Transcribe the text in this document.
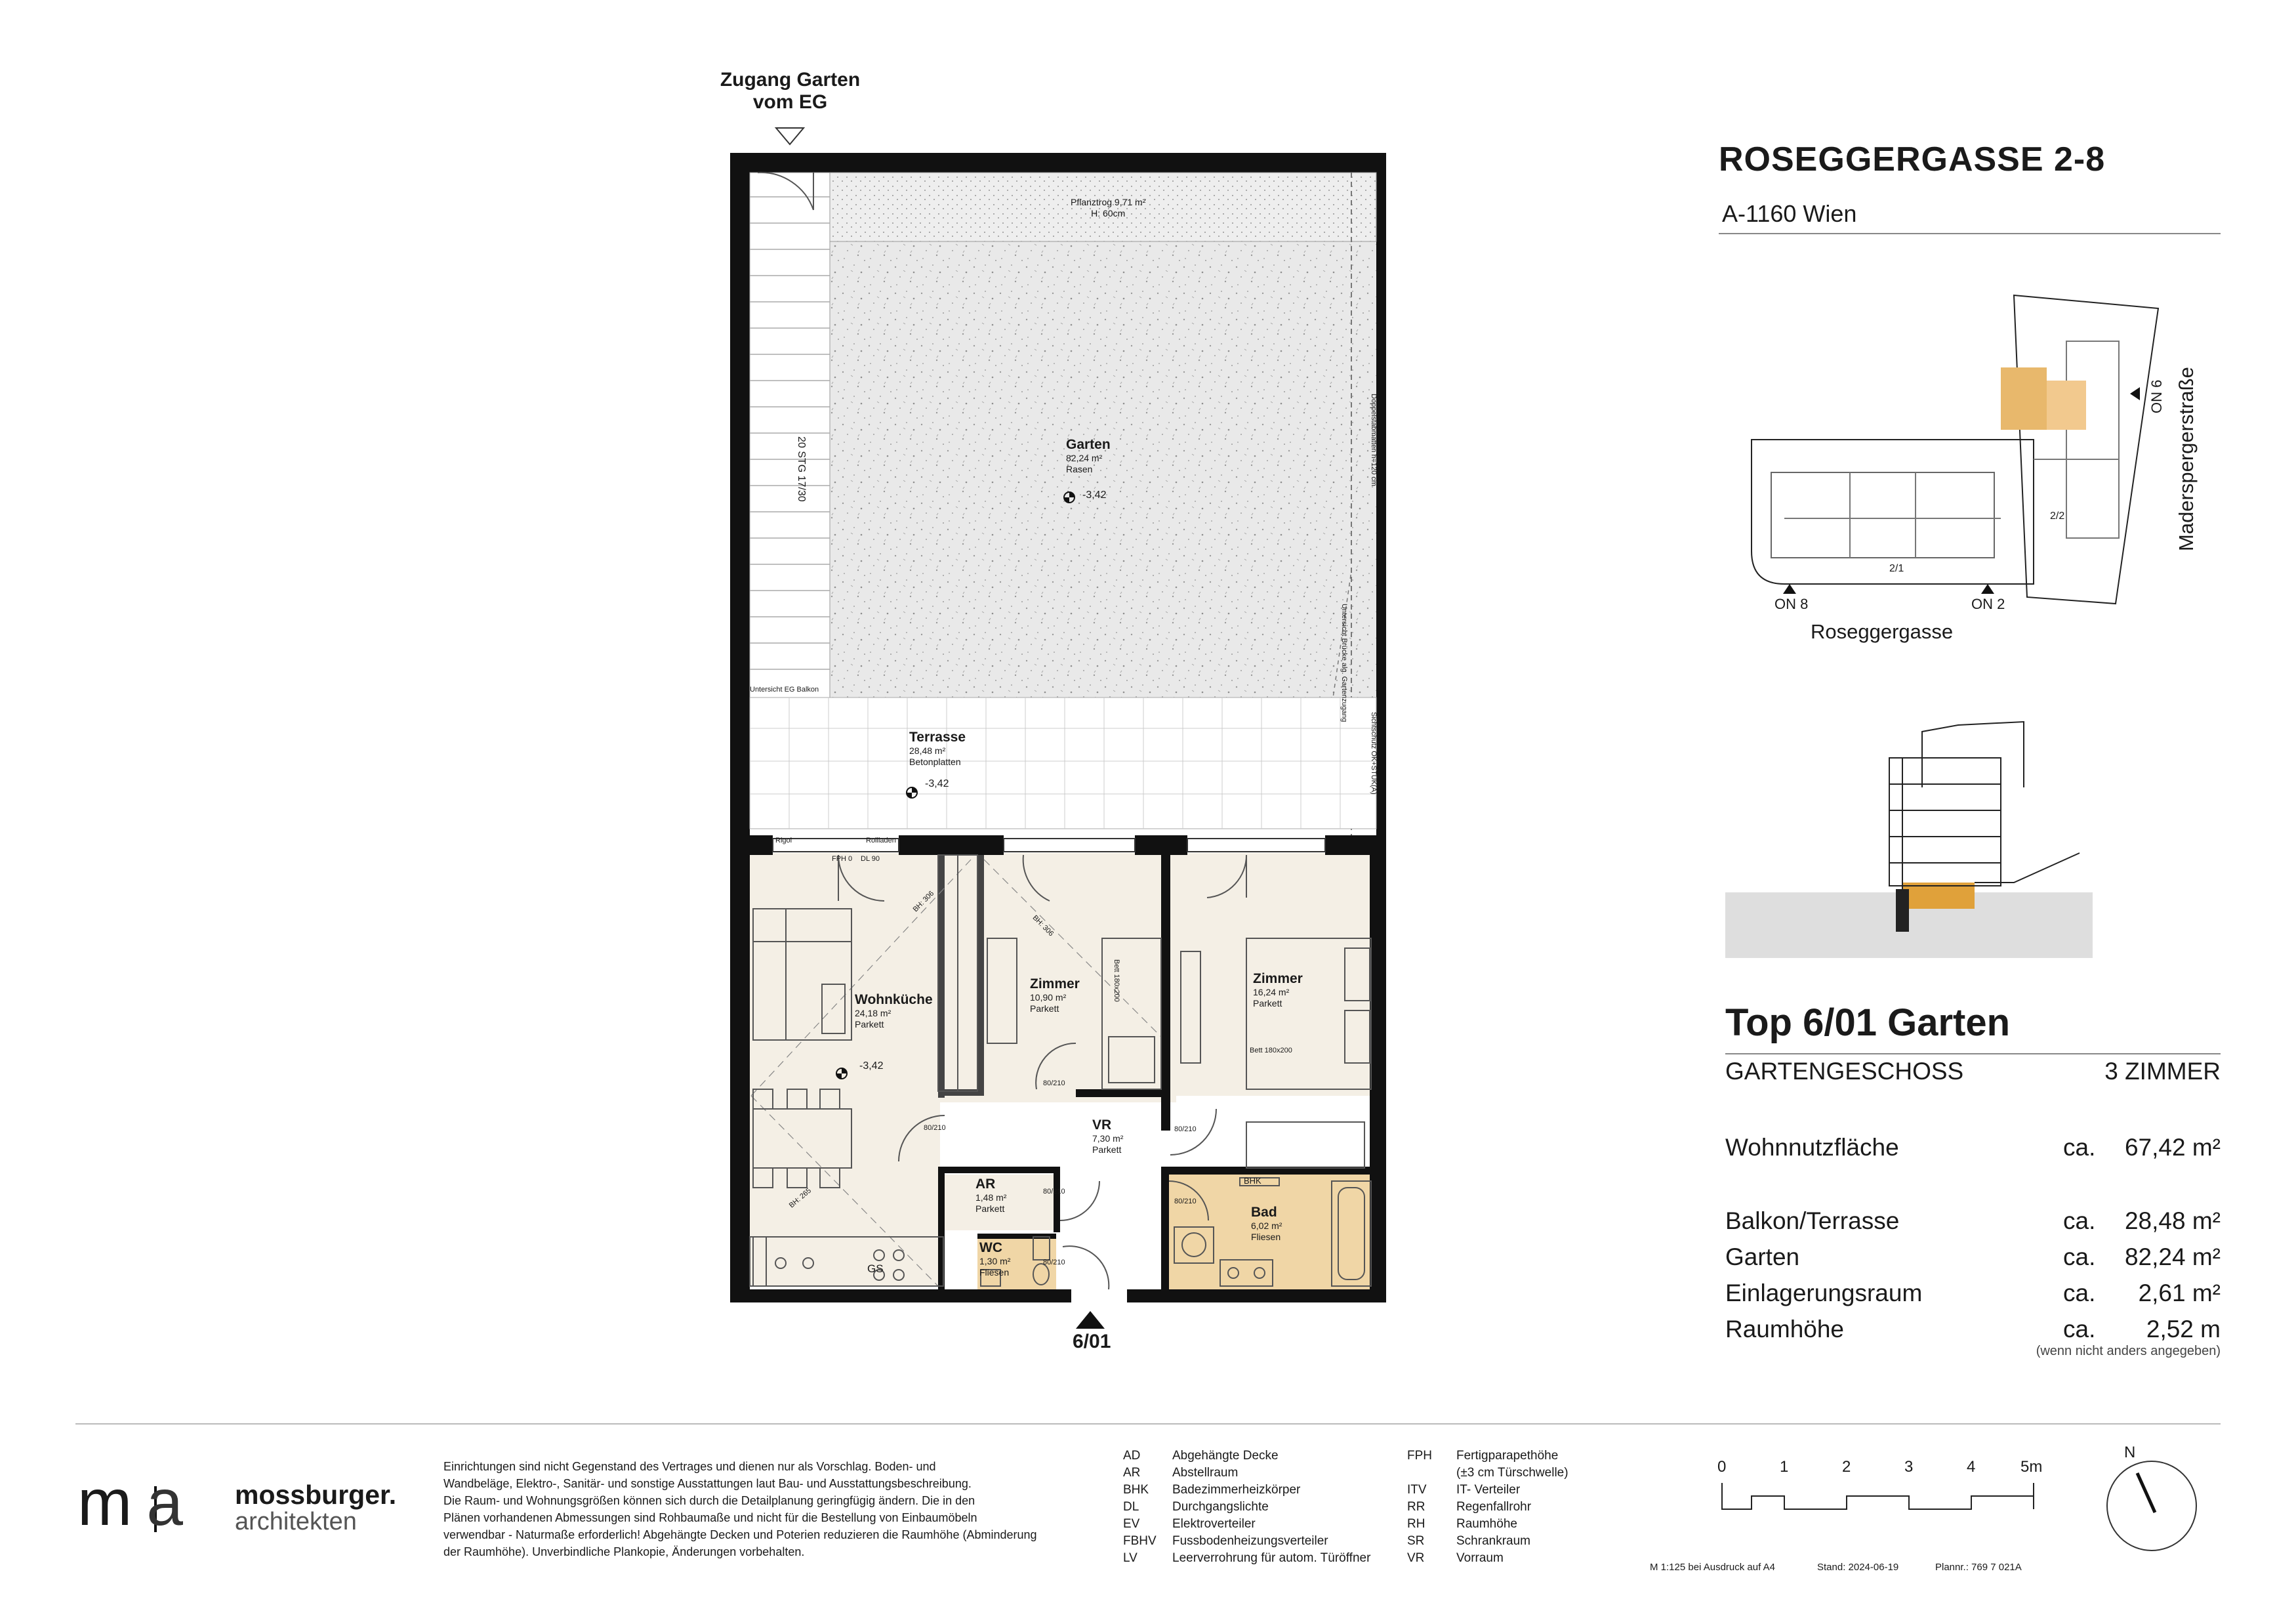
Zugang Garten
vom EG
Pflanztrog 9,71 m²
H: 60cm
Garten
82,24 m²
Rasen
-3,42
Terrasse
28,48 m²
Betonplatten
-3,42
Untersicht EG Balkon
20 STG 17/30	Doppelstabmatten h=120 cm
Sichtschutz OK+STUK(A)
Untersicht Brücke alg. Gartenzugang
Wohnküche
24,18 m²
Parkett
-3,42
Zimmer
10,90 m²
Parkett
Zimmer
16,24 m²
Parkett
VR
7,30 m²
Parkett
AR
1,48 m²
Parkett
WC
1,30 m²
Fliesen
Bad
6,02 m²
Fliesen
GS
BHK
Rigol	Rollladen
FPH 0 DL 90
Bett 180x200
Bett 180x200
80/210
80/210
80/210
80/210
80/210
80/210
BH: 306
BH: 306
BH: 265
6/01
ROSEGGERGASSE 2-8
A-1160 Wien
Roseggergasse
Maderspergerstraße
ON 8	ON 2
ON 6
2/2
2/1
Top 6/01 Garten
GARTENGESCHOSS	3 ZIMMER
Wohnnutzfläche	ca.	67,42 m²
Balkon/Terrasse	ca.	28,48 m²
Garten	ca.	82,24 m²
Einlagerungsraum	ca.	2,61 m²
Raumhöhe	ca.	2,52 m
(wenn nicht anders angegeben)
m a mossburger.
architekten
Einrichtungen sind nicht Gegenstand des Vertrages und dienen nur als Vorschlag. Boden- und
Wandbeläge, Elektro-, Sanitär- und sonstige Ausstattungen laut Bau- und Ausstattungsbeschreibung.
Die Raum- und Wohnungsgrößen können sich durch die Detailplanung geringfügig ändern. Die in den
Plänen vorhandenen Abmessungen sind Rohbaumaße und nicht für die Bestellung von Einbaumöbeln
verwendbar - Naturmaße erforderlich! Abgehängte Decken und Poterien reduzieren die Raumhöhe (Abminderung
der Raumhöhe). Unverbindliche Plankopie, Änderungen vorbehalten.
AD	Abgehängte Decke
AR	Abstellraum
BHK Badezimmerheizkörper
DL	Durchgangslichte
EV	Elektroverteiler
FBHV Fussbodenheizungsverteiler
LV	Leerverrohrung für autom. Türöffner
FPH Fertigparapethöhe
(±3 cm Türschwelle)
ITV IT- Verteiler
RR	Regenfallrohr
RH	Raumhöhe
SR	Schrankraum
VR	Vorraum
0	1	2	3	4	5m
N
M 1:125 bei Ausdruck auf A4	Stand: 2024-06-19	Plannr.: 769 7 021A
